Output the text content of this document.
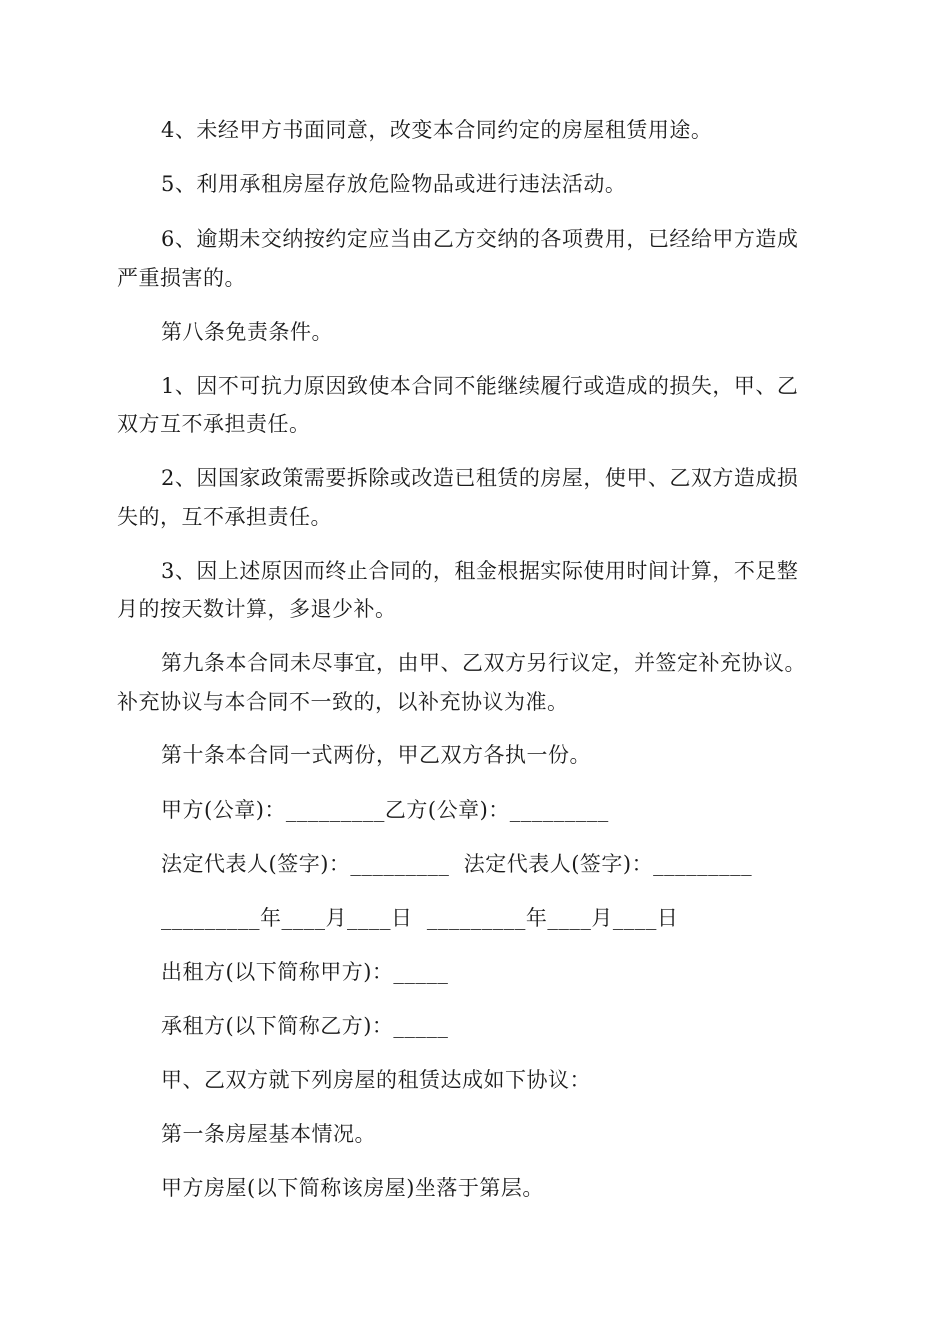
4、未经甲方书面同意，改变本合同约定的房屋租赁用途。
5、利用承租房屋存放危险物品或进行违法活动。
6、逾期未交纳按约定应当由乙方交纳的各项费用，已经给甲方造成
严重损害的。
第八条免责条件。
1、因不可抗力原因致使本合同不能继续履行或造成的损失，甲、乙
双方互不承担责任。
2、因国家政策需要拆除或改造已租赁的房屋，使甲、乙双方造成损
失的，互不承担责任。
3、因上述原因而终止合同的，租金根据实际使用时间计算，不足整
月的按天数计算，多退少补。
第九条本合同未尽事宜，由甲、乙双方另行议定，并签定补充协议。
补充协议与本合同不一致的，以补充协议为准。
第十条本合同一式两份，甲乙双方各执一份。
甲方(公章)：_________乙方(公章)：_________
法定代表人(签字)：_________  法定代表人(签字)：_________
_________年____月____日  _________年____月____日
出租方(以下简称甲方)：_____
承租方(以下简称乙方)：_____
甲、乙双方就下列房屋的租赁达成如下协议：
第一条房屋基本情况。
甲方房屋(以下简称该房屋)坐落于第层。
